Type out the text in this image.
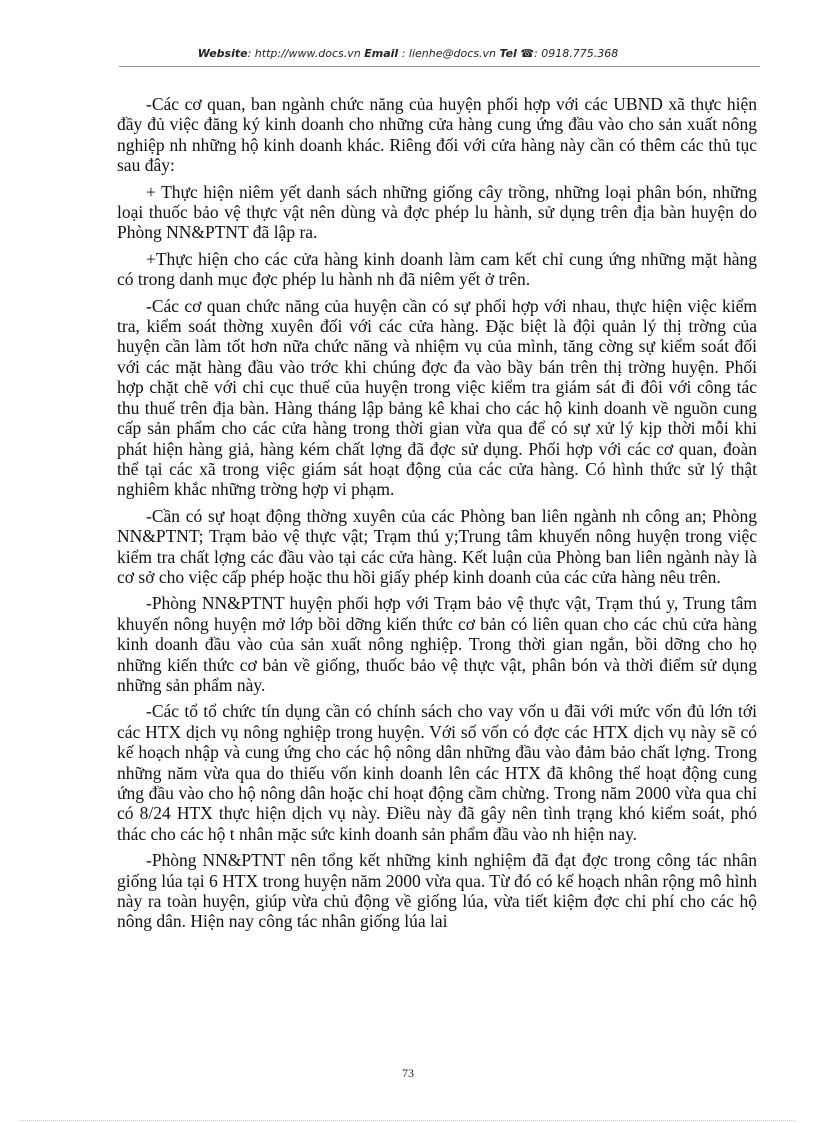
Website: http://www.docs.vn Email : lienhe@docs.vn Tel ☎: 0918.775.368

-Các cơ quan, ban ngành chức năng của huyện phối hợp với các UBND xã thực hiện đầy đủ việc đăng ký kinh doanh cho những cửa hàng cung ứng đầu vào cho sản xuất nông nghiệp nh những hộ kinh doanh khác. Riêng đối với cửa hàng này cần có thêm các thủ tục sau đây:

+ Thực hiện niêm yết danh sách những giống cây trồng, những loại phân bón, những loại thuốc bảo vệ thực vật nên dùng và đợc phép lu hành, sử dụng trên địa bàn huyện do Phòng NN&PTNT đã lập ra.

+Thực hiện cho các cửa hàng kinh doanh làm cam kết chỉ cung ứng những mặt hàng có trong danh mục đợc phép lu hành nh đã niêm yết ở trên.

-Các cơ quan chức năng của huyện cần có sự phối hợp với nhau, thực hiện việc kiểm tra, kiểm soát thờng xuyên đối với các cửa hàng. Đặc biệt là đội quản lý thị trờng của huyện cần làm tốt hơn nữa chức năng và nhiệm vụ của mình, tăng cờng sự kiểm soát đối với các mặt hàng đầu vào trớc khi chúng đợc đa vào bầy bán trên thị trờng huyện. Phối hợp chặt chẽ với chi cục thuế của huyện trong việc kiểm tra giám sát đi đôi với công tác thu thuế trên địa bàn. Hàng tháng lập bảng kê khai cho các hộ kinh doanh về nguồn cung cấp sản phẩm cho các cửa hàng trong thời gian vừa qua để có sự xử lý kịp thời mỗi khi phát hiện hàng giả, hàng kém chất lợng đã đợc sử dụng. Phối hợp với các cơ quan, đoàn thể tại các xã trong việc giám sát hoạt động của các cửa hàng. Có hình thức sử lý thật nghiêm khắc những trờng hợp vi phạm.

-Cần có sự hoạt động thờng xuyên của các Phòng ban liên ngành nh công an; Phòng NN&PTNT; Trạm bảo vệ thực vật; Trạm thú y;Trung tâm khuyến nông huyện trong việc kiểm tra chất lợng các đầu vào tại các cửa hàng. Kết luận của Phòng ban liên ngành này là cơ sở cho việc cấp phép hoặc thu hồi giấy phép kinh doanh của các cửa hàng nêu trên.

-Phòng NN&PTNT huyện phối hợp với Trạm bảo vệ thực vật, Trạm thú y, Trung tâm khuyến nông huyện mở lớp bồi dỡng kiến thức cơ bản có liên quan cho các chủ cửa hàng kinh doanh đầu vào của sản xuất nông nghiệp. Trong thời gian ngắn, bồi dỡng cho họ những kiến thức cơ bản về giống, thuốc bảo vệ thực vật, phân bón và thời điểm sử dụng những sản phẩm này.

-Các tổ tổ chức tín dụng cần có chính sách cho vay vốn u đãi với mức vốn đủ lớn tới các HTX dịch vụ nông nghiệp trong huyện. Với số vốn có đợc các HTX dịch vụ này sẽ có kế hoạch nhập và cung ứng cho các hộ nông dân những đầu vào đảm bảo chất lợng. Trong những năm vừa qua do thiếu vốn kinh doanh lên các HTX đã không thể hoạt động cung ứng đầu vào cho hộ nông dân hoặc chỉ hoạt động cầm chừng. Trong năm 2000 vừa qua chỉ có 8/24 HTX thực hiện dịch vụ này. Điều này đã gây nên tình trạng khó kiểm soát, phó thác cho các hộ t nhân mặc sức kinh doanh sản phẩm đầu vào nh hiện nay.

-Phòng NN&PTNT nên tổng kết những kinh nghiệm đã đạt đợc trong công tác nhân giống lúa tại 6 HTX trong huyện năm 2000 vừa qua. Từ đó có kế hoạch nhân rộng mô hình này ra toàn huyện, giúp vừa chủ động về giống lúa, vừa tiết kiệm đợc chi phí cho các hộ nông dân. Hiện nay công tác nhân giống lúa lai

73
